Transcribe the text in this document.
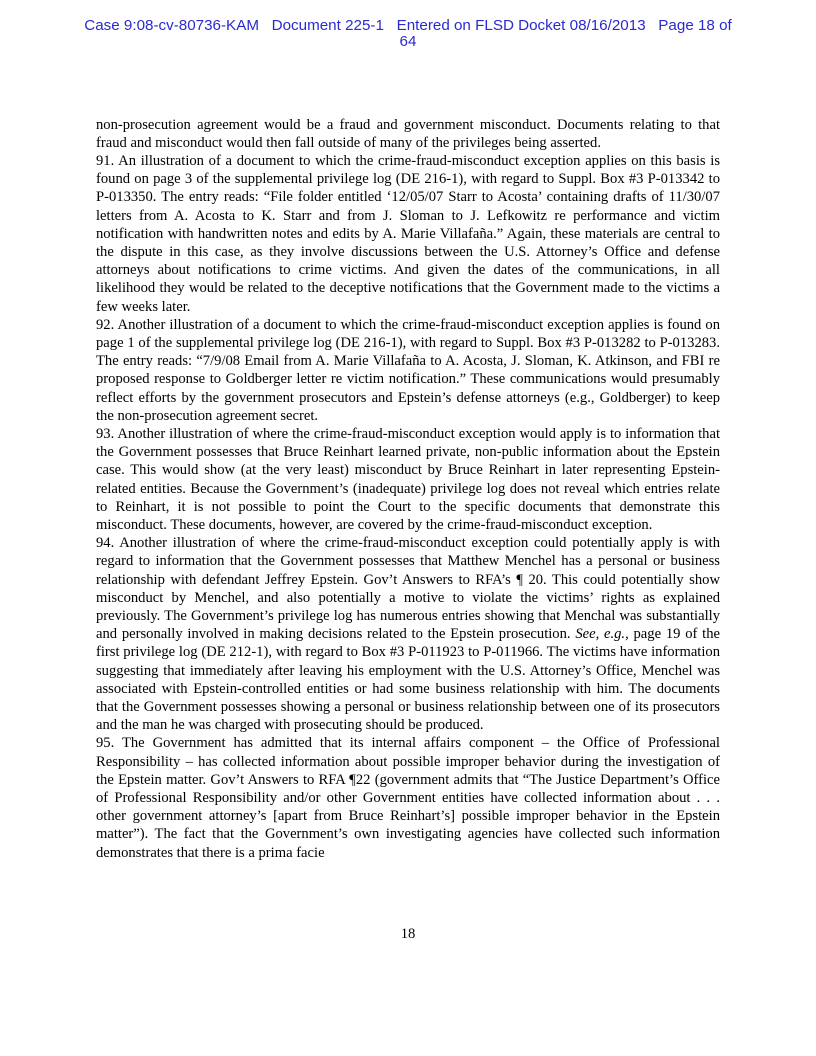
Case 9:08-cv-80736-KAM   Document 225-1   Entered on FLSD Docket 08/16/2013   Page 18 of
64

non-prosecution agreement would be a fraud and government misconduct. Documents relating to that fraud and misconduct would then fall outside of many of the privileges being asserted.

91. An illustration of a document to which the crime-fraud-misconduct exception applies on this basis is found on page 3 of the supplemental privilege log (DE 216-1), with regard to Suppl. Box #3 P-013342 to P-013350. The entry reads: “File folder entitled ‘12/05/07 Starr to Acosta’ containing drafts of 11/30/07 letters from A. Acosta to K. Starr and from J. Sloman to J. Lefkowitz re performance and victim notification with handwritten notes and edits by A. Marie Villafaña.” Again, these materials are central to the dispute in this case, as they involve discussions between the U.S. Attorney’s Office and defense attorneys about notifications to crime victims. And given the dates of the communications, in all likelihood they would be related to the deceptive notifications that the Government made to the victims a few weeks later.

92. Another illustration of a document to which the crime-fraud-misconduct exception applies is found on page 1 of the supplemental privilege log (DE 216-1), with regard to Suppl. Box #3 P-013282 to P-013283. The entry reads: “7/9/08 Email from A. Marie Villafaña to A. Acosta, J. Sloman, K. Atkinson, and FBI re proposed response to Goldberger letter re victim notification.” These communications would presumably reflect efforts by the government prosecutors and Epstein’s defense attorneys (e.g., Goldberger) to keep the non-prosecution agreement secret.

93. Another illustration of where the crime-fraud-misconduct exception would apply is to information that the Government possesses that Bruce Reinhart learned private, non-public information about the Epstein case. This would show (at the very least) misconduct by Bruce Reinhart in later representing Epstein-related entities. Because the Government’s (inadequate) privilege log does not reveal which entries relate to Reinhart, it is not possible to point the Court to the specific documents that demonstrate this misconduct. These documents, however, are covered by the crime-fraud-misconduct exception.

94. Another illustration of where the crime-fraud-misconduct exception could potentially apply is with regard to information that the Government possesses that Matthew Menchel has a personal or business relationship with defendant Jeffrey Epstein. Gov’t Answers to RFA’s ¶ 20. This could potentially show misconduct by Menchel, and also potentially a motive to violate the victims’ rights as explained previously. The Government’s privilege log has numerous entries showing that Menchal was substantially and personally involved in making decisions related to the Epstein prosecution. See, e.g., page 19 of the first privilege log (DE 212-1), with regard to Box #3 P-011923 to P-011966. The victims have information suggesting that immediately after leaving his employment with the U.S. Attorney’s Office, Menchel was associated with Epstein-controlled entities or had some business relationship with him. The documents that the Government possesses showing a personal or business relationship between one of its prosecutors and the man he was charged with prosecuting should be produced.

95. The Government has admitted that its internal affairs component – the Office of Professional Responsibility – has collected information about possible improper behavior during the investigation of the Epstein matter. Gov’t Answers to RFA ¶22 (government admits that “The Justice Department’s Office of Professional Responsibility and/or other Government entities have collected information about . . . other government attorney’s [apart from Bruce Reinhart’s] possible improper behavior in the Epstein matter”). The fact that the Government’s own investigating agencies have collected such information demonstrates that there is a prima facie

18
